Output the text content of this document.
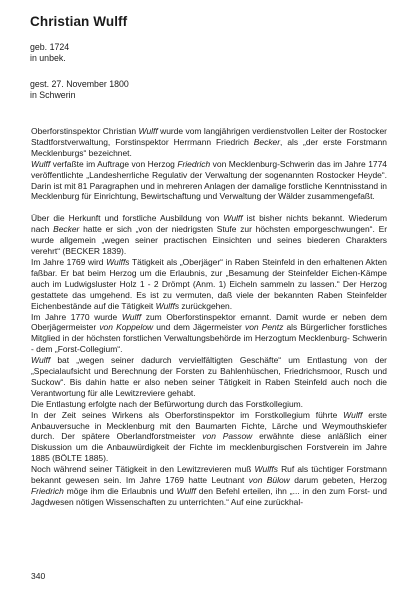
Christian Wulff
geb. 1724
in unbek.
gest. 27. November 1800
in Schwerin

Oberforstinspektor Christian Wulff wurde vom langjährigen verdienstvollen Leiter der Rostocker Stadtforstverwaltung, Forstinspektor Herrmann Friedrich Becker, als „der erste Forstmann Mecklenburgs“ bezeichnet.

Wulff verfaßte im Auftrage von Herzog Friedrich von Mecklenburg-Schwerin das im Jahre 1774 veröffentlichte „Landesherrliche Regulativ der Verwaltung der sogenannten Rostocker Heyde“. Darin ist mit 81 Paragraphen und in mehreren Anlagen der damalige forstliche Kenntnisstand in Mecklenburg für Einrichtung, Bewirtschaftung und Verwaltung der Wälder zusammengefaßt.

Über die Herkunft und forstliche Ausbildung von Wulff ist bisher nichts bekannt. Wiederum nach Becker hatte er sich „von der niedrigsten Stufe zur höchsten emporgeschwungen“. Er wurde allgemein „wegen seiner practischen Einsichten und seines biederen Charakters verehrt“ (BECKER 1839).

Im Jahre 1769 wird Wulffs Tätigkeit als „Oberjäger“ in Raben Steinfeld in den erhaltenen Akten faßbar. Er bat beim Herzog um die Erlaubnis, zur „Besamung der Steinfelder Eichen-Kämpe auch im Ludwigsluster Holz 1 - 2 Drömpt (Anm. 1) Eicheln sammeln zu lassen.“ Der Herzog gestattete das umgehend. Es ist zu vermuten, daß viele der bekannten Raben Steinfelder Eichenbestände auf die Tätigkeit Wulffs zurückgehen.

Im Jahre 1770 wurde Wulff zum Oberforstinspektor ernannt. Damit wurde er neben dem Oberjägermeister von Koppelow und dem Jägermeister von Pentz als Bürgerlicher forstliches Mitglied in der höchsten forstlichen Verwaltungsbehörde im Herzogtum Mecklenburg- Schwerin - dem „Forst-Collegium“.

Wulff bat „wegen seiner dadurch vervielfältigten Geschäfte“ um Entlastung von der „Specialaufsicht und Berechnung der Forsten zu Bahlenhüschen, Friedrichsmoor, Rusch und Suckow“. Bis dahin hatte er also neben seiner Tätigkeit in Raben Steinfeld auch noch die Verantwortung für alle Lewitzreviere gehabt.

Die Entlastung erfolgte nach der Befürwortung durch das Forstkollegium.

In der Zeit seines Wirkens als Oberforstinspektor im Forstkollegium führte Wulff erste Anbauversuche in Mecklenburg mit den Baumarten Fichte, Lärche und Weymouthskiefer durch. Der spätere Oberlandforstmeister von Passow erwähnte diese anläßlich einer Diskussion um die Anbauwürdigkeit der Fichte im mecklenburgischen Forstverein im Jahre 1885 (BÖLTE 1885).

Noch während seiner Tätigkeit in den Lewitzrevieren muß Wulffs Ruf als tüchtiger Forstmann bekannt gewesen sein. Im Jahre 1769 hatte Leutnant von Bülow darum gebeten, Herzog Friedrich möge ihm die Erlaubnis und Wulff den Befehl erteilen, ihn „... in den zum Forst- und Jagdwesen nötigen Wissenschaften zu unterrichten.“ Auf eine zurückhal-

340
